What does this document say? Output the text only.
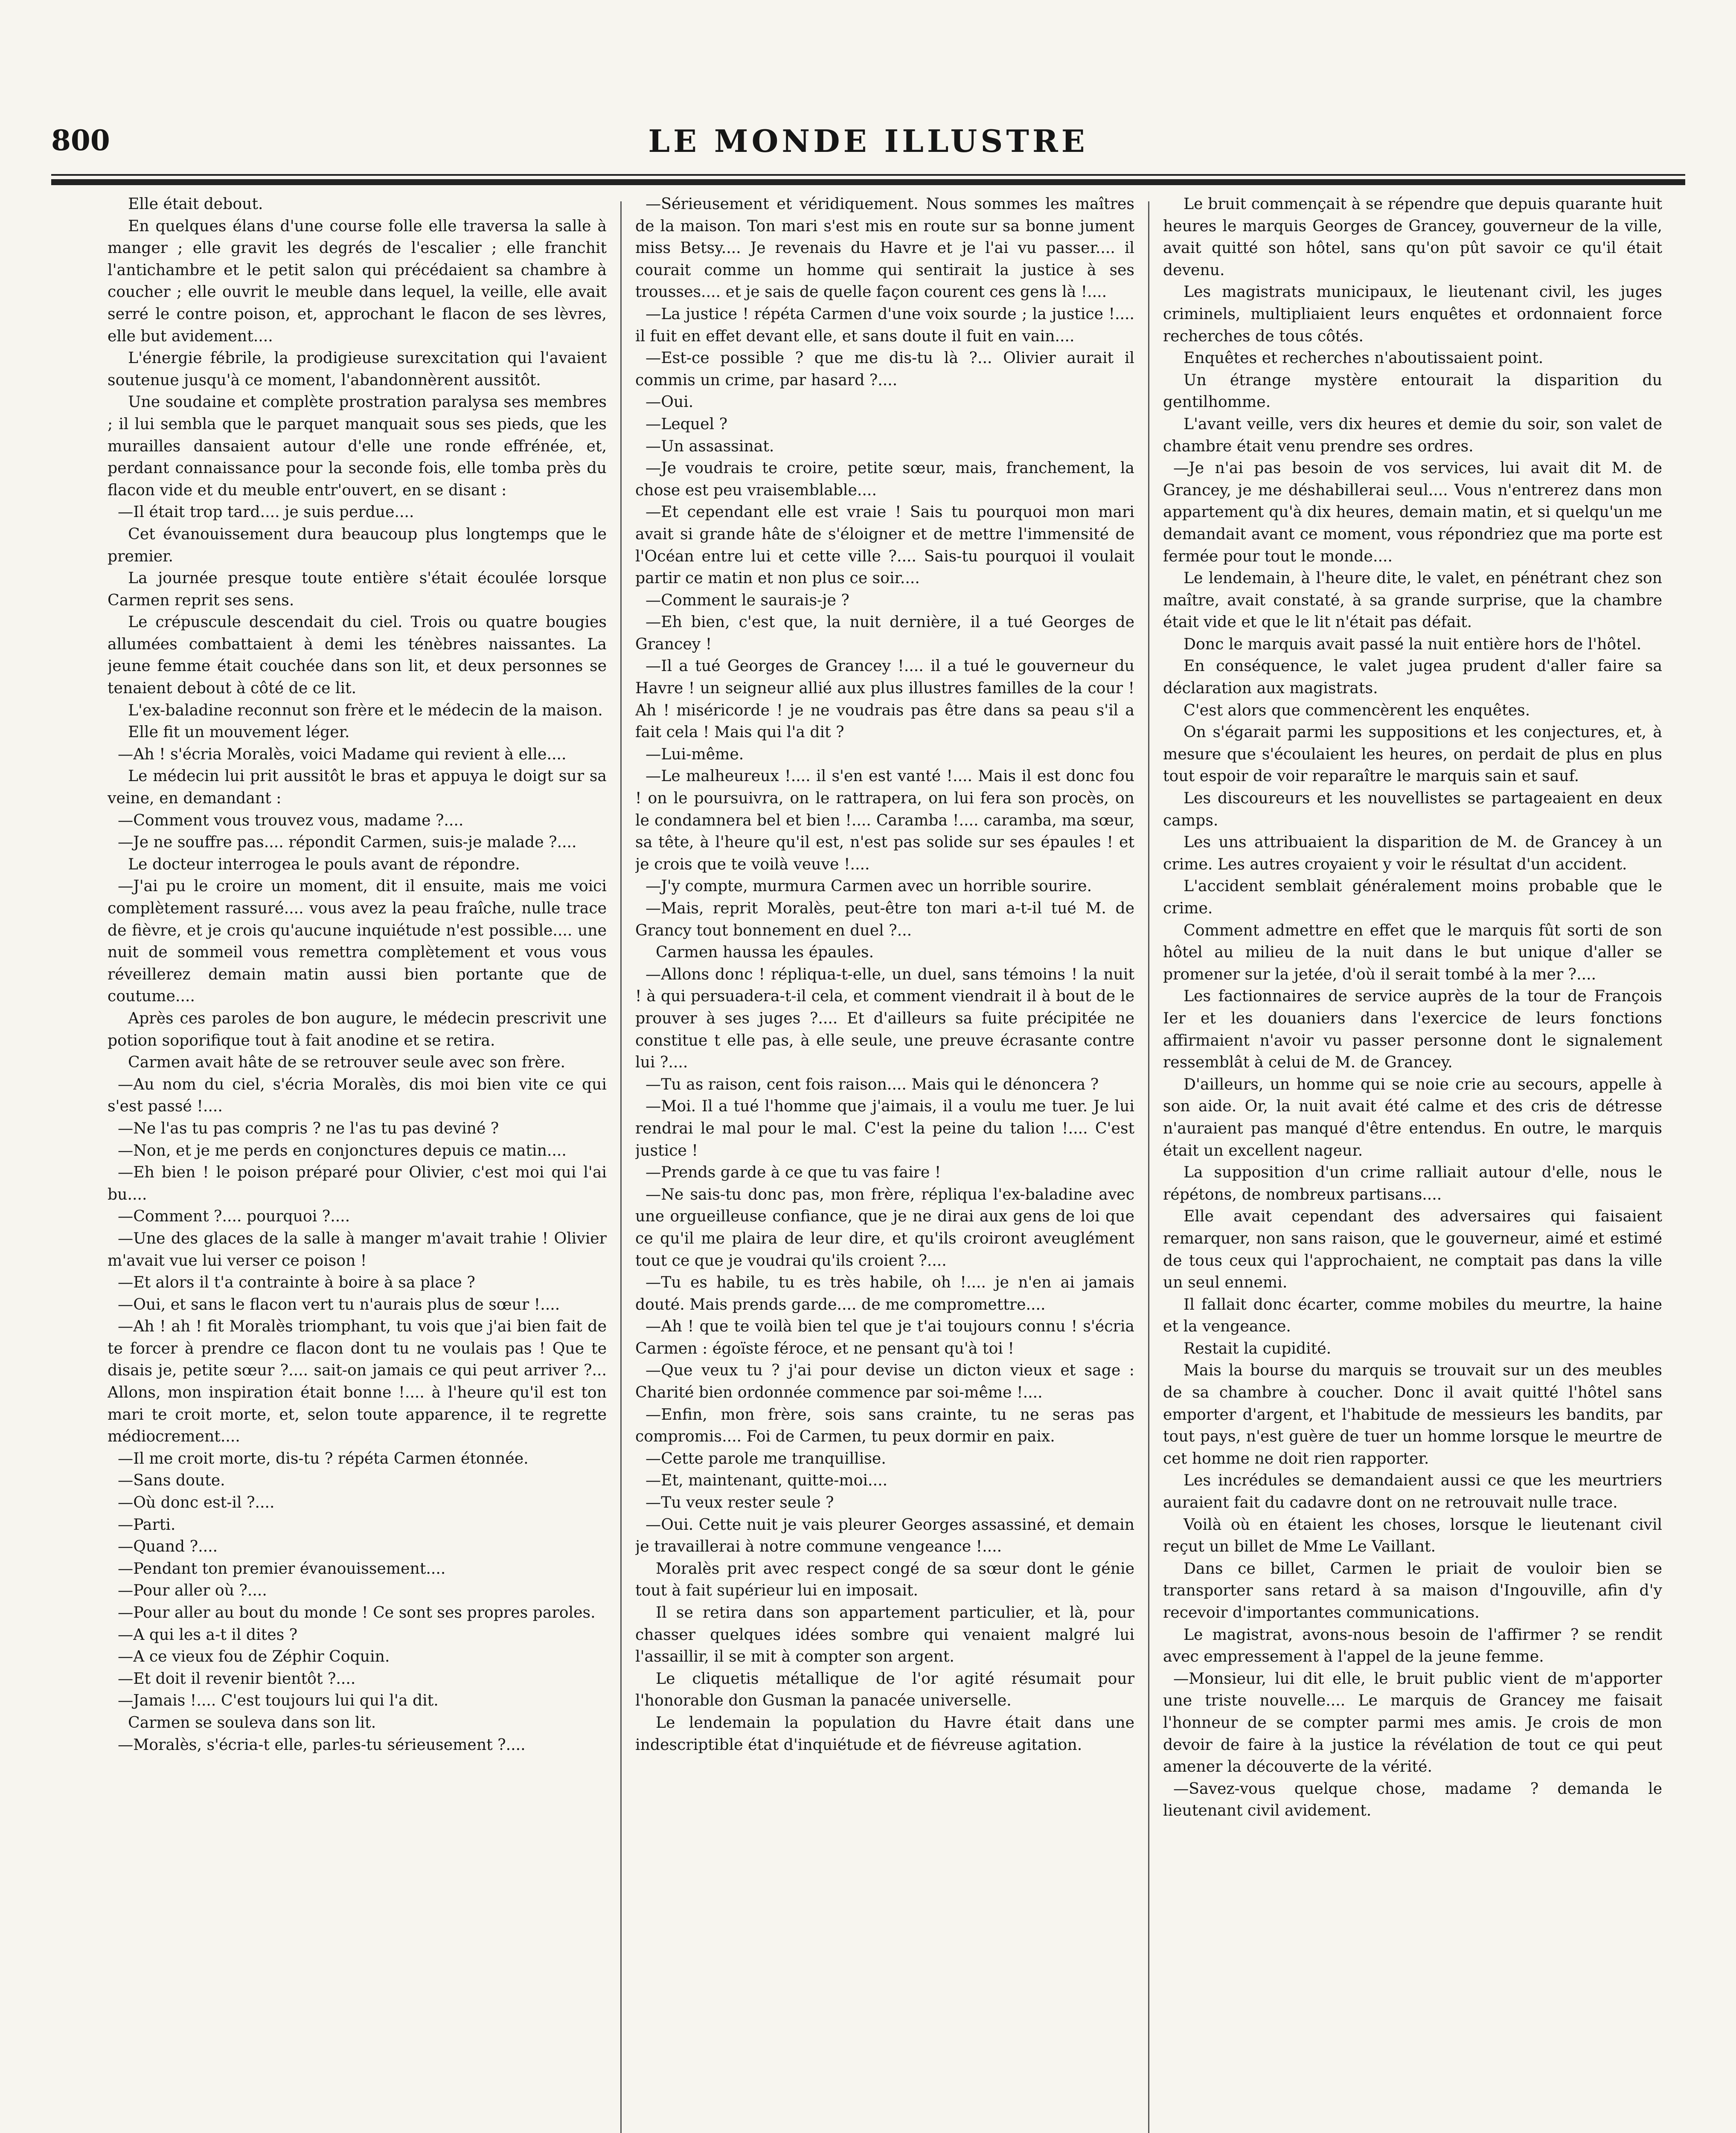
800	LE MONDE ILLUSTRE

Elle était debout.

En quelques élans d'une course folle elle traversa la salle à manger ; elle gravit les degrés de l'escalier ; elle franchit l'antichambre et le petit salon qui précédaient sa chambre à coucher ; elle ouvrit le meuble dans lequel, la veille, elle avait serré le contre poison, et, approchant le flacon de ses lèvres, elle but avidement....

L'énergie fébrile, la prodigieuse surexcitation qui l'avaient soutenue jusqu'à ce moment, l'abandonnèrent aussitôt.

Une soudaine et complète prostration paralysa ses membres ; il lui sembla que le parquet manquait sous ses pieds, que les murailles dansaient autour d'elle une ronde effrénée, et, perdant connaissance pour la seconde fois, elle tomba près du flacon vide et du meuble entr'ouvert, en se disant :

—Il était trop tard.... je suis perdue....

Cet évanouissement dura beaucoup plus longtemps que le premier.

La journée presque toute entière s'était écoulée lorsque Carmen reprit ses sens.

Le crépuscule descendait du ciel. Trois ou quatre bougies allumées combattaient à demi les ténèbres naissantes. La jeune femme était couchée dans son lit, et deux personnes se tenaient debout à côté de ce lit.

L'ex-baladine reconnut son frère et le médecin de la maison.

Elle fit un mouvement léger.

—Ah ! s'écria Moralès, voici Madame qui revient à elle....

Le médecin lui prit aussitôt le bras et appuya le doigt sur sa veine, en demandant :

—Comment vous trouvez vous, madame ?....

—Je ne souffre pas.... répondit Carmen, suis-je malade ?....

Le docteur interrogea le pouls avant de répondre.

—J'ai pu le croire un moment, dit il ensuite, mais me voici complètement rassuré.... vous avez la peau fraîche, nulle trace de fièvre, et je crois qu'aucune inquiétude n'est possible.... une nuit de sommeil vous remettra complètement et vous vous réveillerez demain matin aussi bien portante que de coutume....

Après ces paroles de bon augure, le médecin prescrivit une potion soporifique tout à fait anodine et se retira.

Carmen avait hâte de se retrouver seule avec son frère.

—Au nom du ciel, s'écria Moralès, dis moi bien vite ce qui s'est passé !....

—Ne l'as tu pas compris ? ne l'as tu pas deviné ?

—Non, et je me perds en conjonctures depuis ce matin....

—Eh bien ! le poison préparé pour Olivier, c'est moi qui l'ai bu....

—Comment ?.... pourquoi ?....

—Une des glaces de la salle à manger m'avait trahie ! Olivier m'avait vue lui verser ce poison !

—Et alors il t'a contrainte à boire à sa place ?

—Oui, et sans le flacon vert tu n'aurais plus de sœur !....

—Ah ! ah ! fit Moralès triomphant, tu vois que j'ai bien fait de te forcer à prendre ce flacon dont tu ne voulais pas ! Que te disais je, petite sœur ?.... sait-on jamais ce qui peut arriver ?... Allons, mon inspiration était bonne !.... à l'heure qu'il est ton mari te croit morte, et, selon toute apparence, il te regrette médiocrement....

—Il me croit morte, dis-tu ? répéta Carmen étonnée.

—Sans doute.

—Où donc est-il ?....

—Parti.

—Quand ?....

—Pendant ton premier évanouissement....

—Pour aller où ?....

—Pour aller au bout du monde ! Ce sont ses propres paroles.

—A qui les a-t il dites ?

—A ce vieux fou de Zéphir Coquin.

—Et doit il revenir bientôt ?....

—Jamais !.... C'est toujours lui qui l'a dit.

Carmen se souleva dans son lit.

—Moralès, s'écria-t elle, parles-tu sérieusement ?....

—Sérieusement et véridiquement. Nous sommes les maîtres de la maison. Ton mari s'est mis en route sur sa bonne jument miss Betsy.... Je revenais du Havre et je l'ai vu passer.... il courait comme un homme qui sentirait la justice à ses trousses.... et je sais de quelle façon courent ces gens là !....

—La justice ! répéta Carmen d'une voix sourde ; la justice !.... il fuit en effet devant elle, et sans doute il fuit en vain....

—Est-ce possible ? que me dis-tu là ?... Olivier aurait il commis un crime, par hasard ?....

—Oui.

—Lequel ?

—Un assassinat.

—Je voudrais te croire, petite sœur, mais, franchement, la chose est peu vraisemblable....

—Et cependant elle est vraie ! Sais tu pourquoi mon mari avait si grande hâte de s'éloigner et de mettre l'immensité de l'Océan entre lui et cette ville ?.... Sais-tu pourquoi il voulait partir ce matin et non plus ce soir....

—Comment le saurais-je ?

—Eh bien, c'est que, la nuit dernière, il a tué Georges de Grancey !

—Il a tué Georges de Grancey !.... il a tué le gouverneur du Havre ! un seigneur allié aux plus illustres familles de la cour ! Ah ! miséricorde ! je ne voudrais pas être dans sa peau s'il a fait cela ! Mais qui l'a dit ?

—Lui-même.

—Le malheureux !.... il s'en est vanté !.... Mais il est donc fou ! on le poursuivra, on le rattrapera, on lui fera son procès, on le condamnera bel et bien !.... Caramba !.... caramba, ma sœur, sa tête, à l'heure qu'il est, n'est pas solide sur ses épaules ! et je crois que te voilà veuve !....

—J'y compte, murmura Carmen avec un horrible sourire.

—Mais, reprit Moralès, peut-être ton mari a-t-il tué M. de Grancy tout bonnement en duel ?...

Carmen haussa les épaules.

—Allons donc ! répliqua-t-elle, un duel, sans témoins ! la nuit ! à qui persuadera-t-il cela, et comment viendrait il à bout de le prouver à ses juges ?.... Et d'ailleurs sa fuite précipitée ne constitue t elle pas, à elle seule, une preuve écrasante contre lui ?....

—Tu as raison, cent fois raison.... Mais qui le dénoncera ?

—Moi. Il a tué l'homme que j'aimais, il a voulu me tuer. Je lui rendrai le mal pour le mal. C'est la peine du talion !.... C'est justice !

—Prends garde à ce que tu vas faire !

—Ne sais-tu donc pas, mon frère, répliqua l'ex-baladine avec une orgueilleuse confiance, que je ne dirai aux gens de loi que ce qu'il me plaira de leur dire, et qu'ils croiront aveuglément tout ce que je voudrai qu'ils croient ?....

—Tu es habile, tu es très habile, oh !.... je n'en ai jamais douté. Mais prends garde.... de me compromettre....

—Ah ! que te voilà bien tel que je t'ai toujours connu ! s'écria Carmen : égoïste féroce, et ne pensant qu'à toi !

—Que veux tu ? j'ai pour devise un dicton vieux et sage : Charité bien ordonnée commence par soi-même !....

—Enfin, mon frère, sois sans crainte, tu ne seras pas compromis.... Foi de Carmen, tu peux dormir en paix.

—Cette parole me tranquillise.

—Et, maintenant, quitte-moi....

—Tu veux rester seule ?

—Oui. Cette nuit je vais pleurer Georges assassiné, et demain je travaillerai à notre commune vengeance !....

Moralès prit avec respect congé de sa sœur dont le génie tout à fait supérieur lui en imposait.

Il se retira dans son appartement particulier, et là, pour chasser quelques idées sombre qui venaient malgré lui l'assaillir, il se mit à compter son argent.

Le cliquetis métallique de l'or agité résumait pour l'honorable don Gusman la panacée universelle.

Le lendemain la population du Havre était dans une indescriptible état d'inquiétude et de fiévreuse agitation.

Le bruit commençait à se répendre que depuis quarante huit heures le marquis Georges de Grancey, gouverneur de la ville, avait quitté son hôtel, sans qu'on pût savoir ce qu'il était devenu.

Les magistrats municipaux, le lieutenant civil, les juges criminels, multipliaient leurs enquêtes et ordonnaient force recherches de tous côtés.

Enquêtes et recherches n'aboutissaient point.

Un étrange mystère entourait la disparition du gentilhomme.

L'avant veille, vers dix heures et demie du soir, son valet de chambre était venu prendre ses ordres.

—Je n'ai pas besoin de vos services, lui avait dit M. de Grancey, je me déshabillerai seul.... Vous n'entrerez dans mon appartement qu'à dix heures, demain matin, et si quelqu'un me demandait avant ce moment, vous répondriez que ma porte est fermée pour tout le monde....

Le lendemain, à l'heure dite, le valet, en pénétrant chez son maître, avait constaté, à sa grande surprise, que la chambre était vide et que le lit n'était pas défait.

Donc le marquis avait passé la nuit entière hors de l'hôtel.

En conséquence, le valet jugea prudent d'aller faire sa déclaration aux magistrats.

C'est alors que commencèrent les enquêtes.

On s'égarait parmi les suppositions et les conjectures, et, à mesure que s'écoulaient les heures, on perdait de plus en plus tout espoir de voir reparaître le marquis sain et sauf.

Les discoureurs et les nouvellistes se partageaient en deux camps.

Les uns attribuaient la disparition de M. de Grancey à un crime. Les autres croyaient y voir le résultat d'un accident.

L'accident semblait généralement moins probable que le crime.

Comment admettre en effet que le marquis fût sorti de son hôtel au milieu de la nuit dans le but unique d'aller se promener sur la jetée, d'où il serait tombé à la mer ?....

Les factionnaires de service auprès de la tour de François Ier et les douaniers dans l'exercice de leurs fonctions affirmaient n'avoir vu passer personne dont le signalement ressemblât à celui de M. de Grancey.

D'ailleurs, un homme qui se noie crie au secours, appelle à son aide. Or, la nuit avait été calme et des cris de détresse n'auraient pas manqué d'être entendus. En outre, le marquis était un excellent nageur.

La supposition d'un crime ralliait autour d'elle, nous le répétons, de nombreux partisans....

Elle avait cependant des adversaires qui faisaient remarquer, non sans raison, que le gouverneur, aimé et estimé de tous ceux qui l'approchaient, ne comptait pas dans la ville un seul ennemi.

Il fallait donc écarter, comme mobiles du meurtre, la haine et la vengeance.

Restait la cupidité.

Mais la bourse du marquis se trouvait sur un des meubles de sa chambre à coucher. Donc il avait quitté l'hôtel sans emporter d'argent, et l'habitude de messieurs les bandits, par tout pays, n'est guère de tuer un homme lorsque le meurtre de cet homme ne doit rien rapporter.

Les incrédules se demandaient aussi ce que les meurtriers auraient fait du cadavre dont on ne retrouvait nulle trace.

Voilà où en étaient les choses, lorsque le lieutenant civil reçut un billet de Mme Le Vaillant.

Dans ce billet, Carmen le priait de vouloir bien se transporter sans retard à sa maison d'Ingouville, afin d'y recevoir d'importantes communications.

Le magistrat, avons-nous besoin de l'affirmer ? se rendit avec empressement à l'appel de la jeune femme.

—Monsieur, lui dit elle, le bruit public vient de m'apporter une triste nouvelle.... Le marquis de Grancey me faisait l'honneur de se compter parmi mes amis. Je crois de mon devoir de faire à la justice la révélation de tout ce qui peut amener la découverte de la vérité.

—Savez-vous quelque chose, madame ? demanda le lieutenant civil avidement.
